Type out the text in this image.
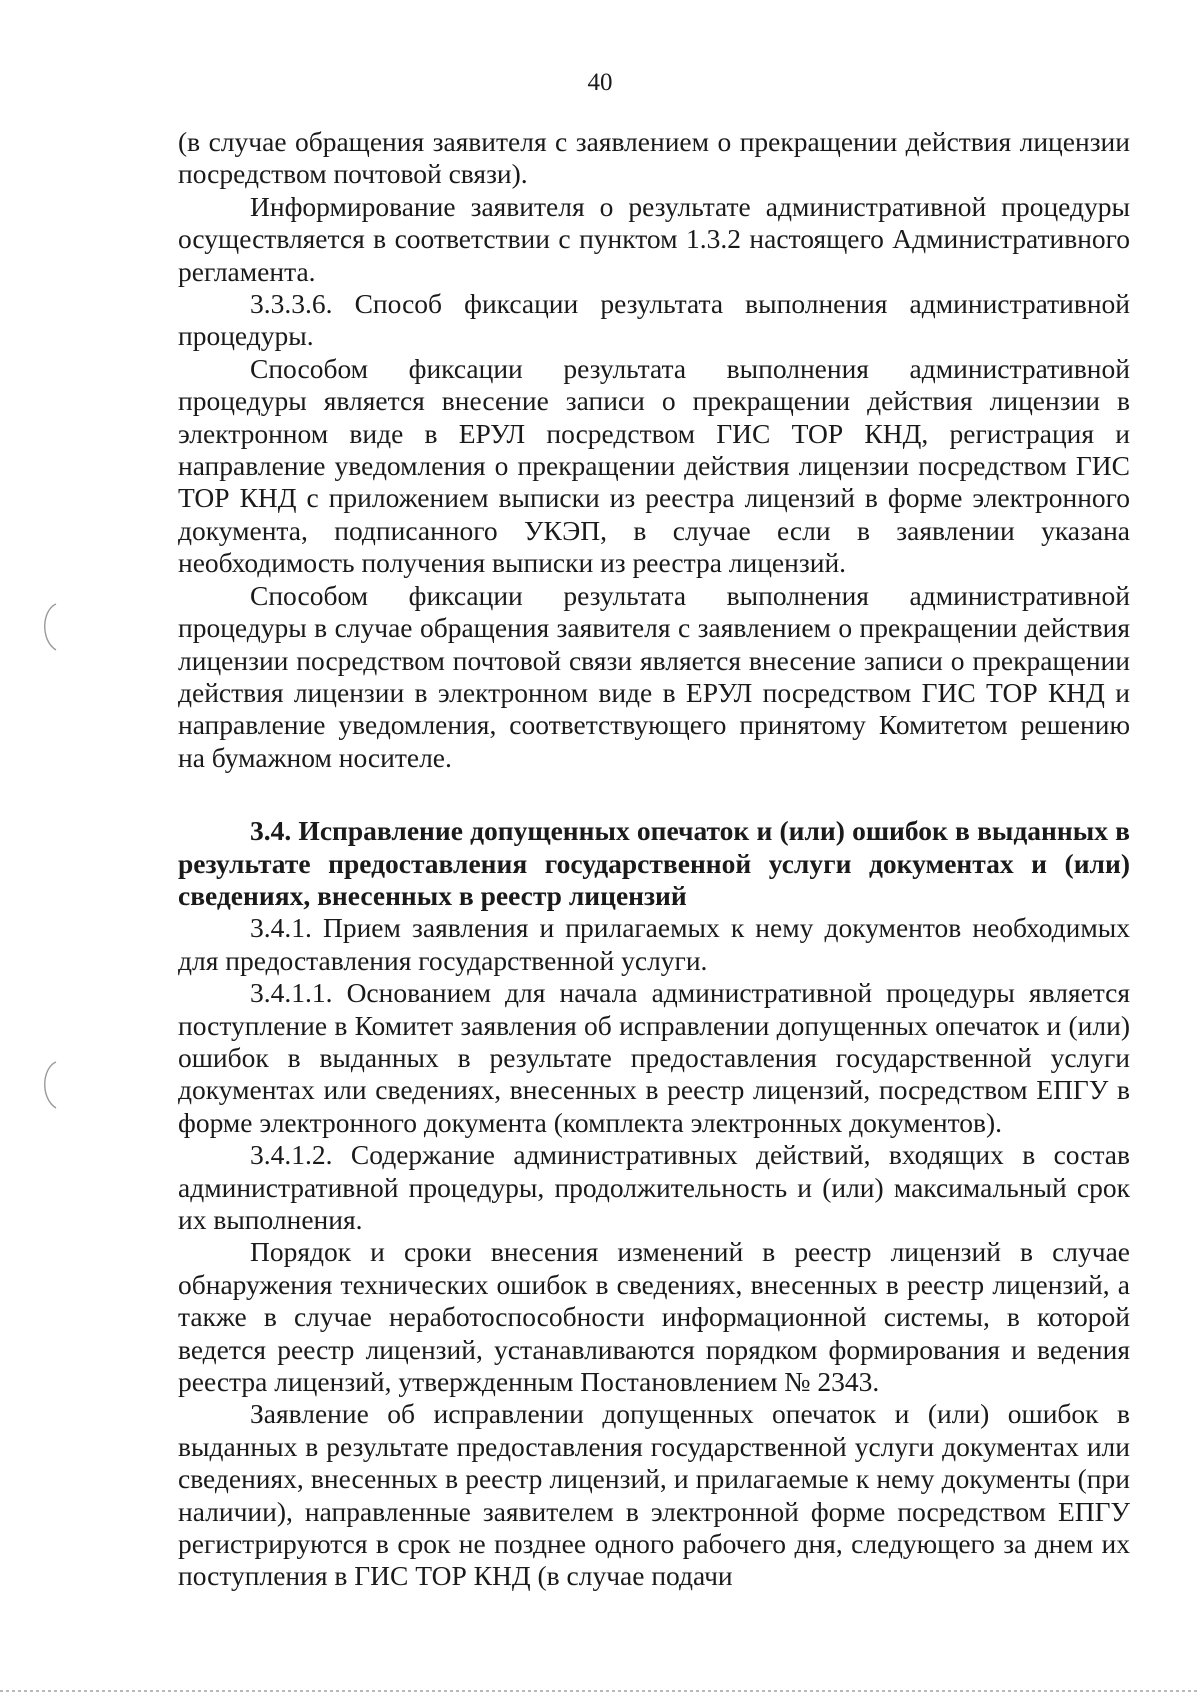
40

(в случае обращения заявителя с заявлением о прекращении действия лицензии посредством почтовой связи).

Информирование заявителя о результате административной процедуры осуществляется в соответствии с пунктом 1.3.2 настоящего Административного регламента.

3.3.3.6. Способ фиксации результата выполнения административной процедуры.

Способом фиксации результата выполнения административной процедуры является внесение записи о прекращении действия лицензии в электронном виде в ЕРУЛ посредством ГИС ТОР КНД, регистрация и направление уведомления о прекращении действия лицензии посредством ГИС ТОР КНД с приложением выписки из реестра лицензий в форме электронного документа, подписанного УКЭП, в случае если в заявлении указана необходимость получения выписки из реестра лицензий.

Способом фиксации результата выполнения административной процедуры в случае обращения заявителя с заявлением о прекращении действия лицензии посредством почтовой связи является внесение записи о прекращении действия лицензии в электронном виде в ЕРУЛ посредством ГИС ТОР КНД и направление уведомления, соответствующего принятому Комитетом решению на бумажном носителе.

3.4. Исправление допущенных опечаток и (или) ошибок в выданных в результате предоставления государственной услуги документах и (или) сведениях, внесенных в реестр лицензий

3.4.1. Прием заявления и прилагаемых к нему документов необходимых для предоставления государственной услуги.

3.4.1.1. Основанием для начала административной процедуры является поступление в Комитет заявления об исправлении допущенных опечаток и (или) ошибок в выданных в результате предоставления государственной услуги документах или сведениях, внесенных в реестр лицензий, посредством ЕПГУ в форме электронного документа (комплекта электронных документов).

3.4.1.2. Содержание административных действий, входящих в состав административной процедуры, продолжительность и (или) максимальный срок их выполнения.

Порядок и сроки внесения изменений в реестр лицензий в случае обнаружения технических ошибок в сведениях, внесенных в реестр лицензий, а также в случае неработоспособности информационной системы, в которой ведется реестр лицензий, устанавливаются порядком формирования и ведения реестра лицензий, утвержденным Постановлением № 2343.

Заявление об исправлении допущенных опечаток и (или) ошибок в выданных в результате предоставления государственной услуги документах или сведениях, внесенных в реестр лицензий, и прилагаемые к нему документы (при наличии), направленные заявителем в электронной форме посредством ЕПГУ регистрируются в срок не позднее одного рабочего дня, следующего за днем их поступления в ГИС ТОР КНД (в случае подачи
